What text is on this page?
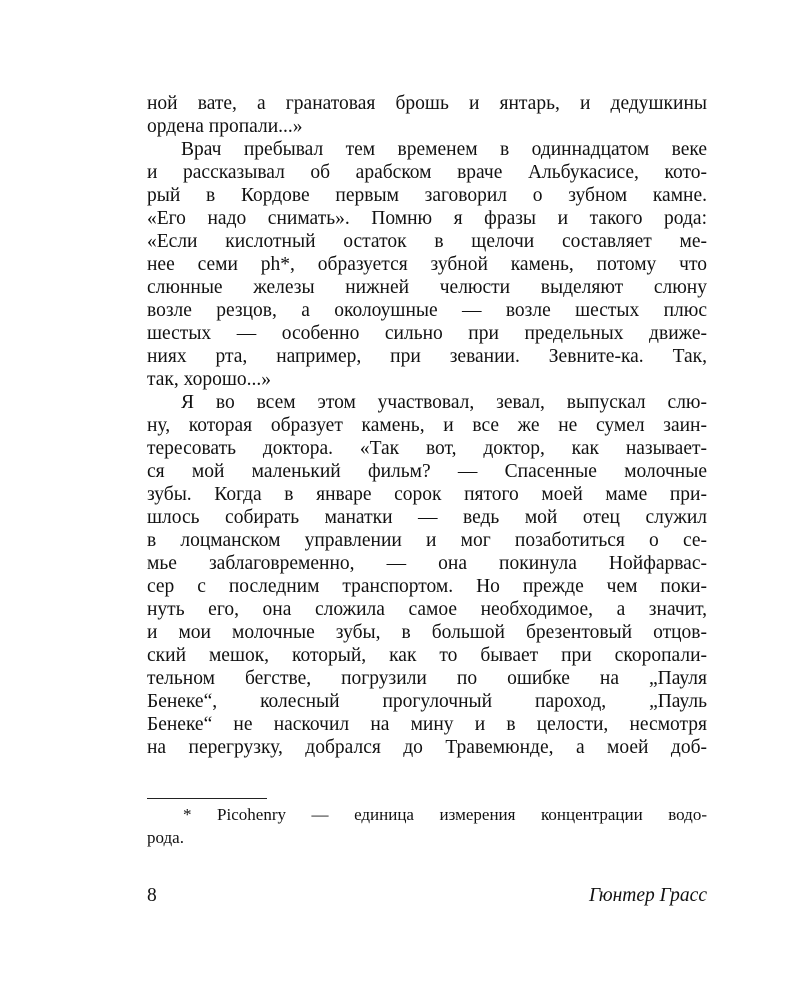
ной вате, а гранатовая брошь и янтарь, и дедушкины
ордена пропали...»
Врач пребывал тем временем в одиннадцатом веке
и рассказывал об арабском враче Альбукасисе, кото-
рый в Кордове первым заговорил о зубном камне.
«Его надо снимать». Помню я фразы и такого рода:
«Если кислотный остаток в щелочи составляет ме-
нее семи ph*, образуется зубной камень, потому что
слюнные железы нижней челюсти выделяют слюну
возле резцов, а околоушные — возле шестых плюс
шестых — особенно сильно при предельных движе-
ниях рта, например, при зевании. Зевните-ка. Так,
так, хорошо...»
Я во всем этом участвовал, зевал, выпускал слю-
ну, которая образует камень, и все же не сумел заин-
тересовать доктора. «Так вот, доктор, как называет-
ся мой маленький фильм? — Спасенные молочные
зубы. Когда в январе сорок пятого моей маме при-
шлось собирать манатки — ведь мой отец служил
в лоцманском управлении и мог позаботиться о се-
мье заблаговременно, — она покинула Нойфарвас-
сер с последним транспортом. Но прежде чем поки-
нуть его, она сложила самое необходимое, а значит,
и мои молочные зубы, в большой брезентовый отцов-
ский мешок, который, как то бывает при скоропали-
тельном бегстве, погрузили по ошибке на „Пауля
Бенеке“, колесный прогулочный пароход, „Пауль
Бенеке“ не наскочил на мину и в целости, несмотря
на перегрузку, добрался до Травемюнде, а моей доб-
* Picohenry — единица измерения концентрации водо-
рода.
8	Гюнтер Грасс
